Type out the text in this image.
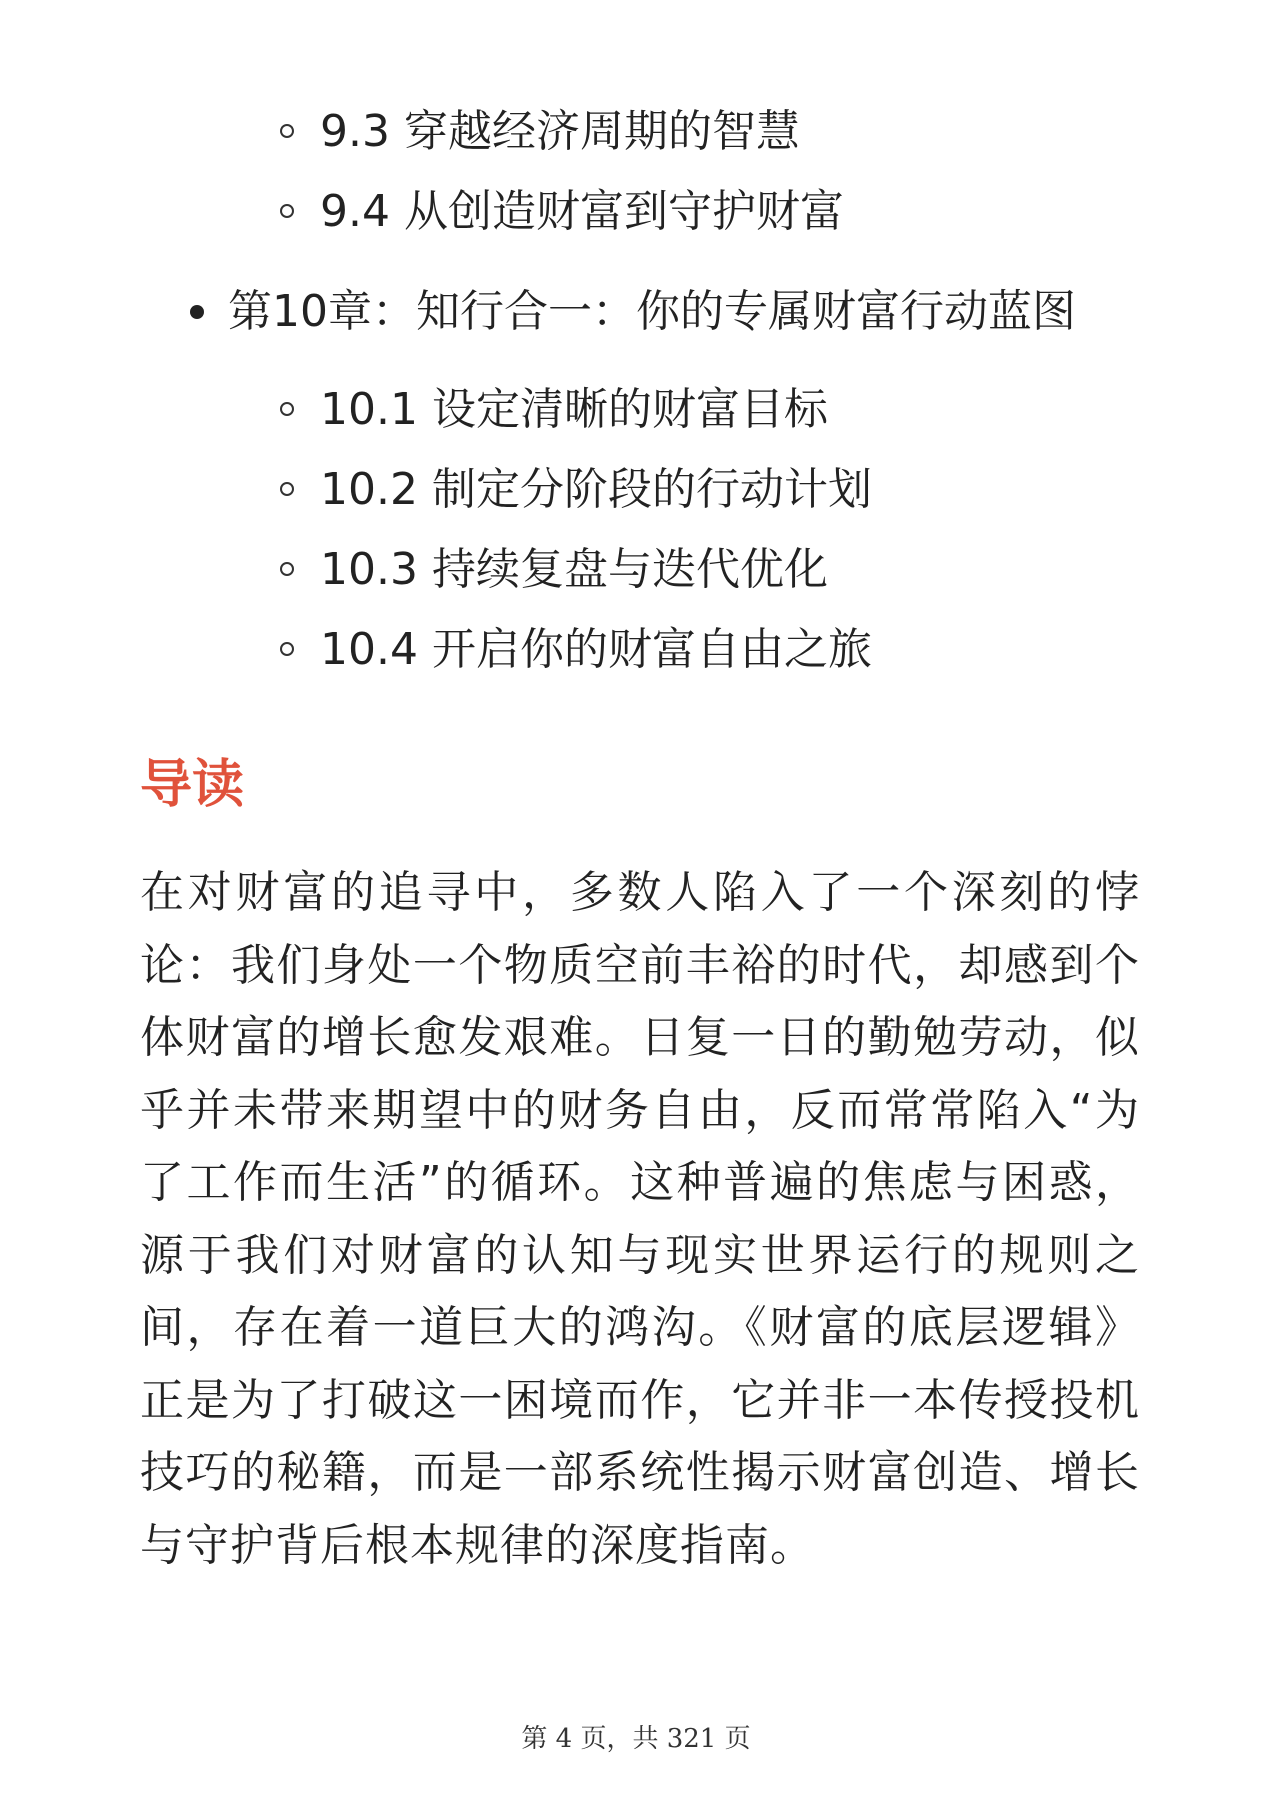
9.3 穿越经济周期的智慧
9.4 从创造财富到守护财富
第10章：知行合一：你的专属财富行动蓝图
10.1 设定清晰的财富目标
10.2 制定分阶段的行动计划
10.3 持续复盘与迭代优化
10.4 开启你的财富自由之旅
导读

在对财富的追寻中，多数人陷入了一个深刻的悖论：我们身处一个物质空前丰裕的时代，却感到个体财富的增长愈发艰难。日复一日的勤勉劳动，似乎并未带来期望中的财务自由，反而常常陷入“为了工作而生活”的循环。这种普遍的焦虑与困惑，源于我们对财富的认知与现实世界运行的规则之间，存在着一道巨大的鸿沟。《财富的底层逻辑》正是为了打破这一困境而作，它并非一本传授投机技巧的秘籍，而是一部系统性揭示财富创造、增长与守护背后根本规律的深度指南。

第 4 页，共 321 页
